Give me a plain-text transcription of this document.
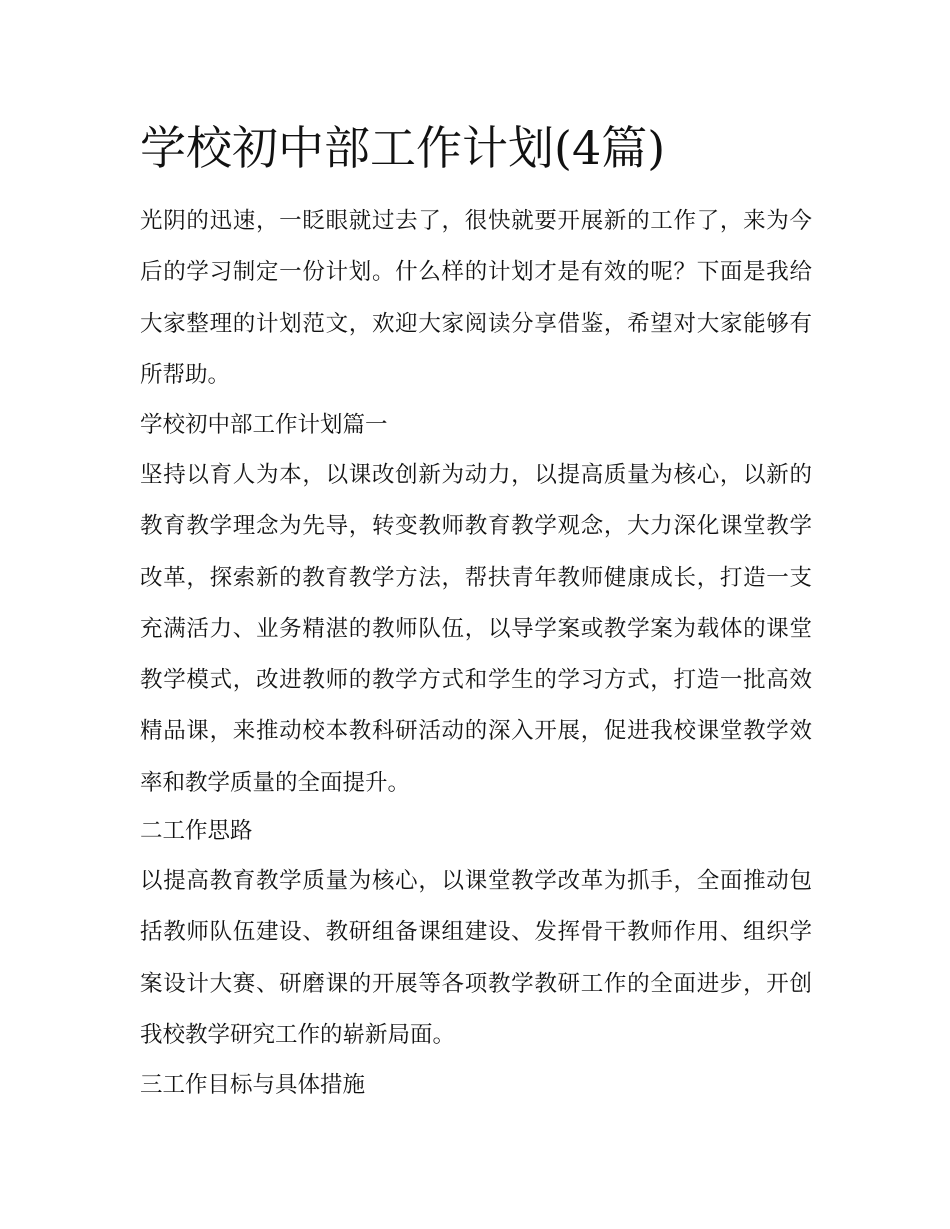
学校初中部工作计划(4篇)

光阴的迅速，一眨眼就过去了，很快就要开展新的工作了，来为今后的学习制定一份计划。什么样的计划才是有效的呢？下面是我给大家整理的计划范文，欢迎大家阅读分享借鉴，希望对大家能够有所帮助。

学校初中部工作计划篇一

坚持以育人为本，以课改创新为动力，以提高质量为核心，以新的教育教学理念为先导，转变教师教育教学观念，大力深化课堂教学改革，探索新的教育教学方法，帮扶青年教师健康成长，打造一支充满活力、业务精湛的教师队伍，以导学案或教学案为载体的课堂教学模式，改进教师的教学方式和学生的学习方式，打造一批高效精品课，来推动校本教科研活动的深入开展，促进我校课堂教学效率和教学质量的全面提升。

二工作思路

以提高教育教学质量为核心，以课堂教学改革为抓手，全面推动包括教师队伍建设、教研组备课组建设、发挥骨干教师作用、组织学案设计大赛、研磨课的开展等各项教学教研工作的全面进步，开创我校教学研究工作的崭新局面。

三工作目标与具体措施
